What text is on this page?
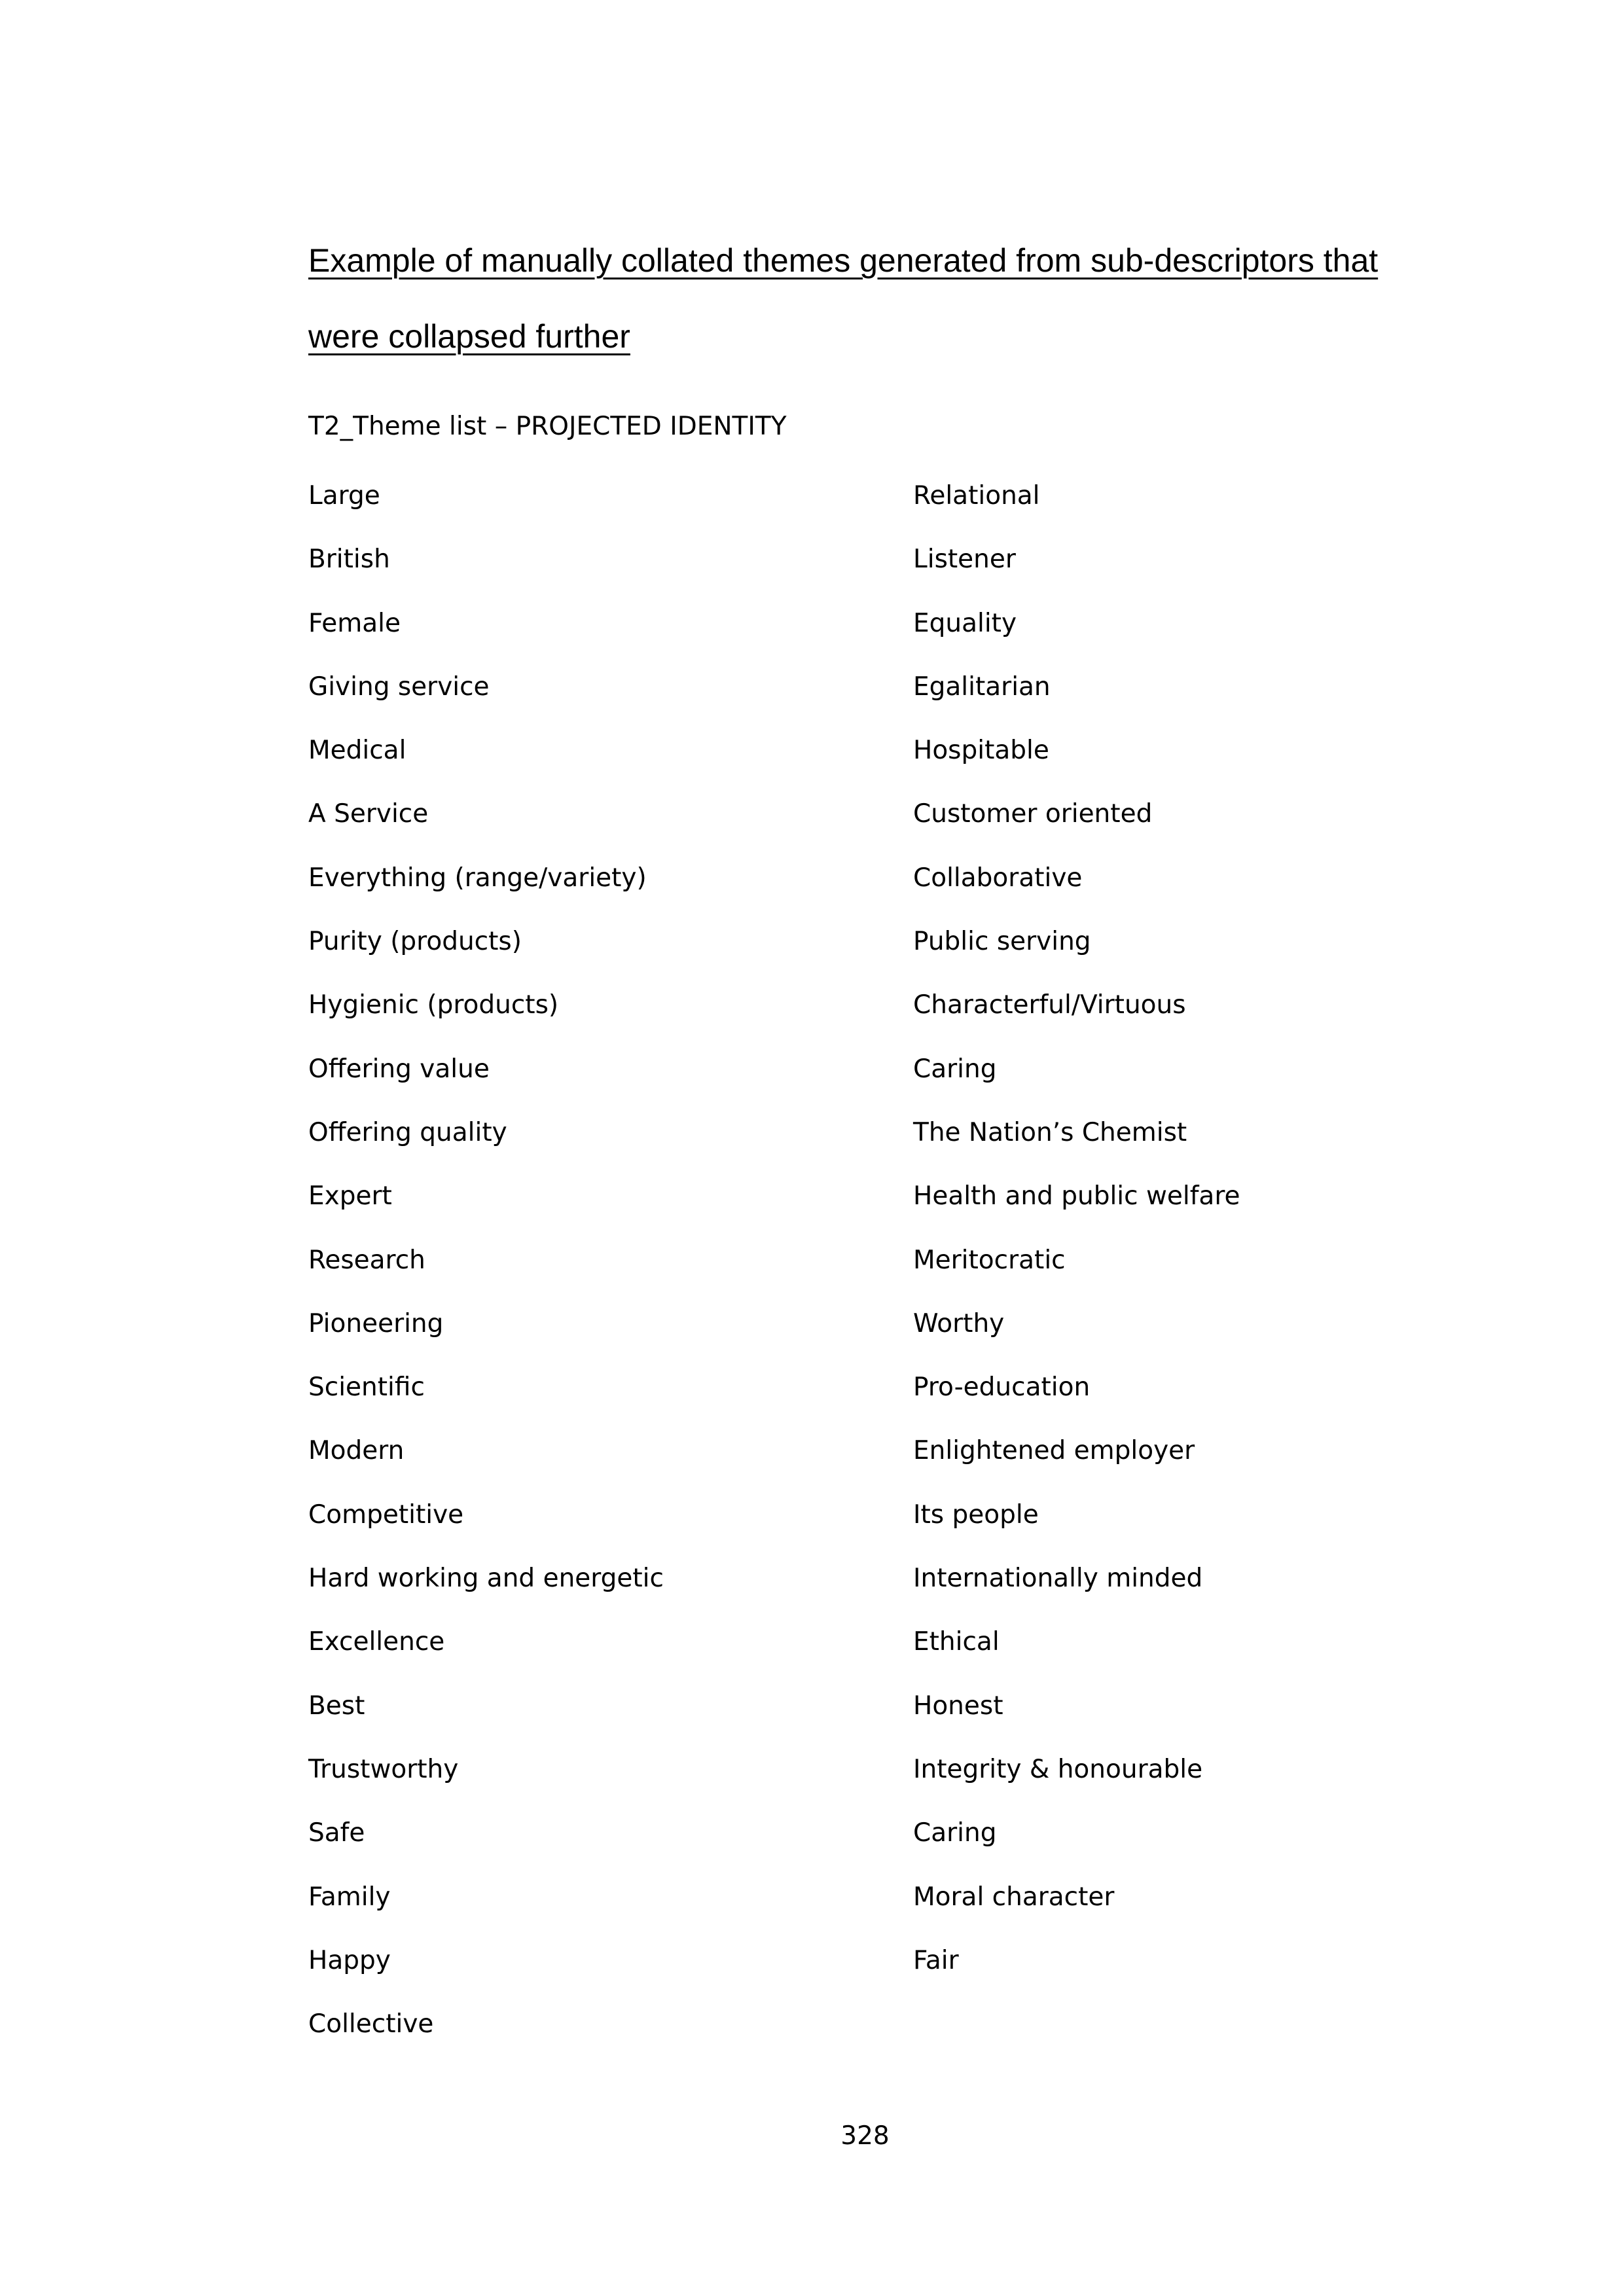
Example of manually collated themes generated from sub-descriptors that
were collapsed further
T2_Theme list – PROJECTED IDENTITY
Large
British
Female
Giving service
Medical
A Service
Everything (range/variety)
Purity (products)
Hygienic (products)
Offering value
Offering quality
Expert
Research
Pioneering
Scientific
Modern
Competitive
Hard working and energetic
Excellence
Best
Trustworthy
Safe
Family
Happy
Collective
Relational
Listener
Equality
Egalitarian
Hospitable
Customer oriented
Collaborative
Public serving
Characterful/Virtuous
Caring
The Nation’s Chemist
Health and public welfare
Meritocratic
Worthy
Pro-education
Enlightened employer
Its people
Internationally minded
Ethical
Honest
Integrity & honourable
Caring
Moral character
Fair
328
